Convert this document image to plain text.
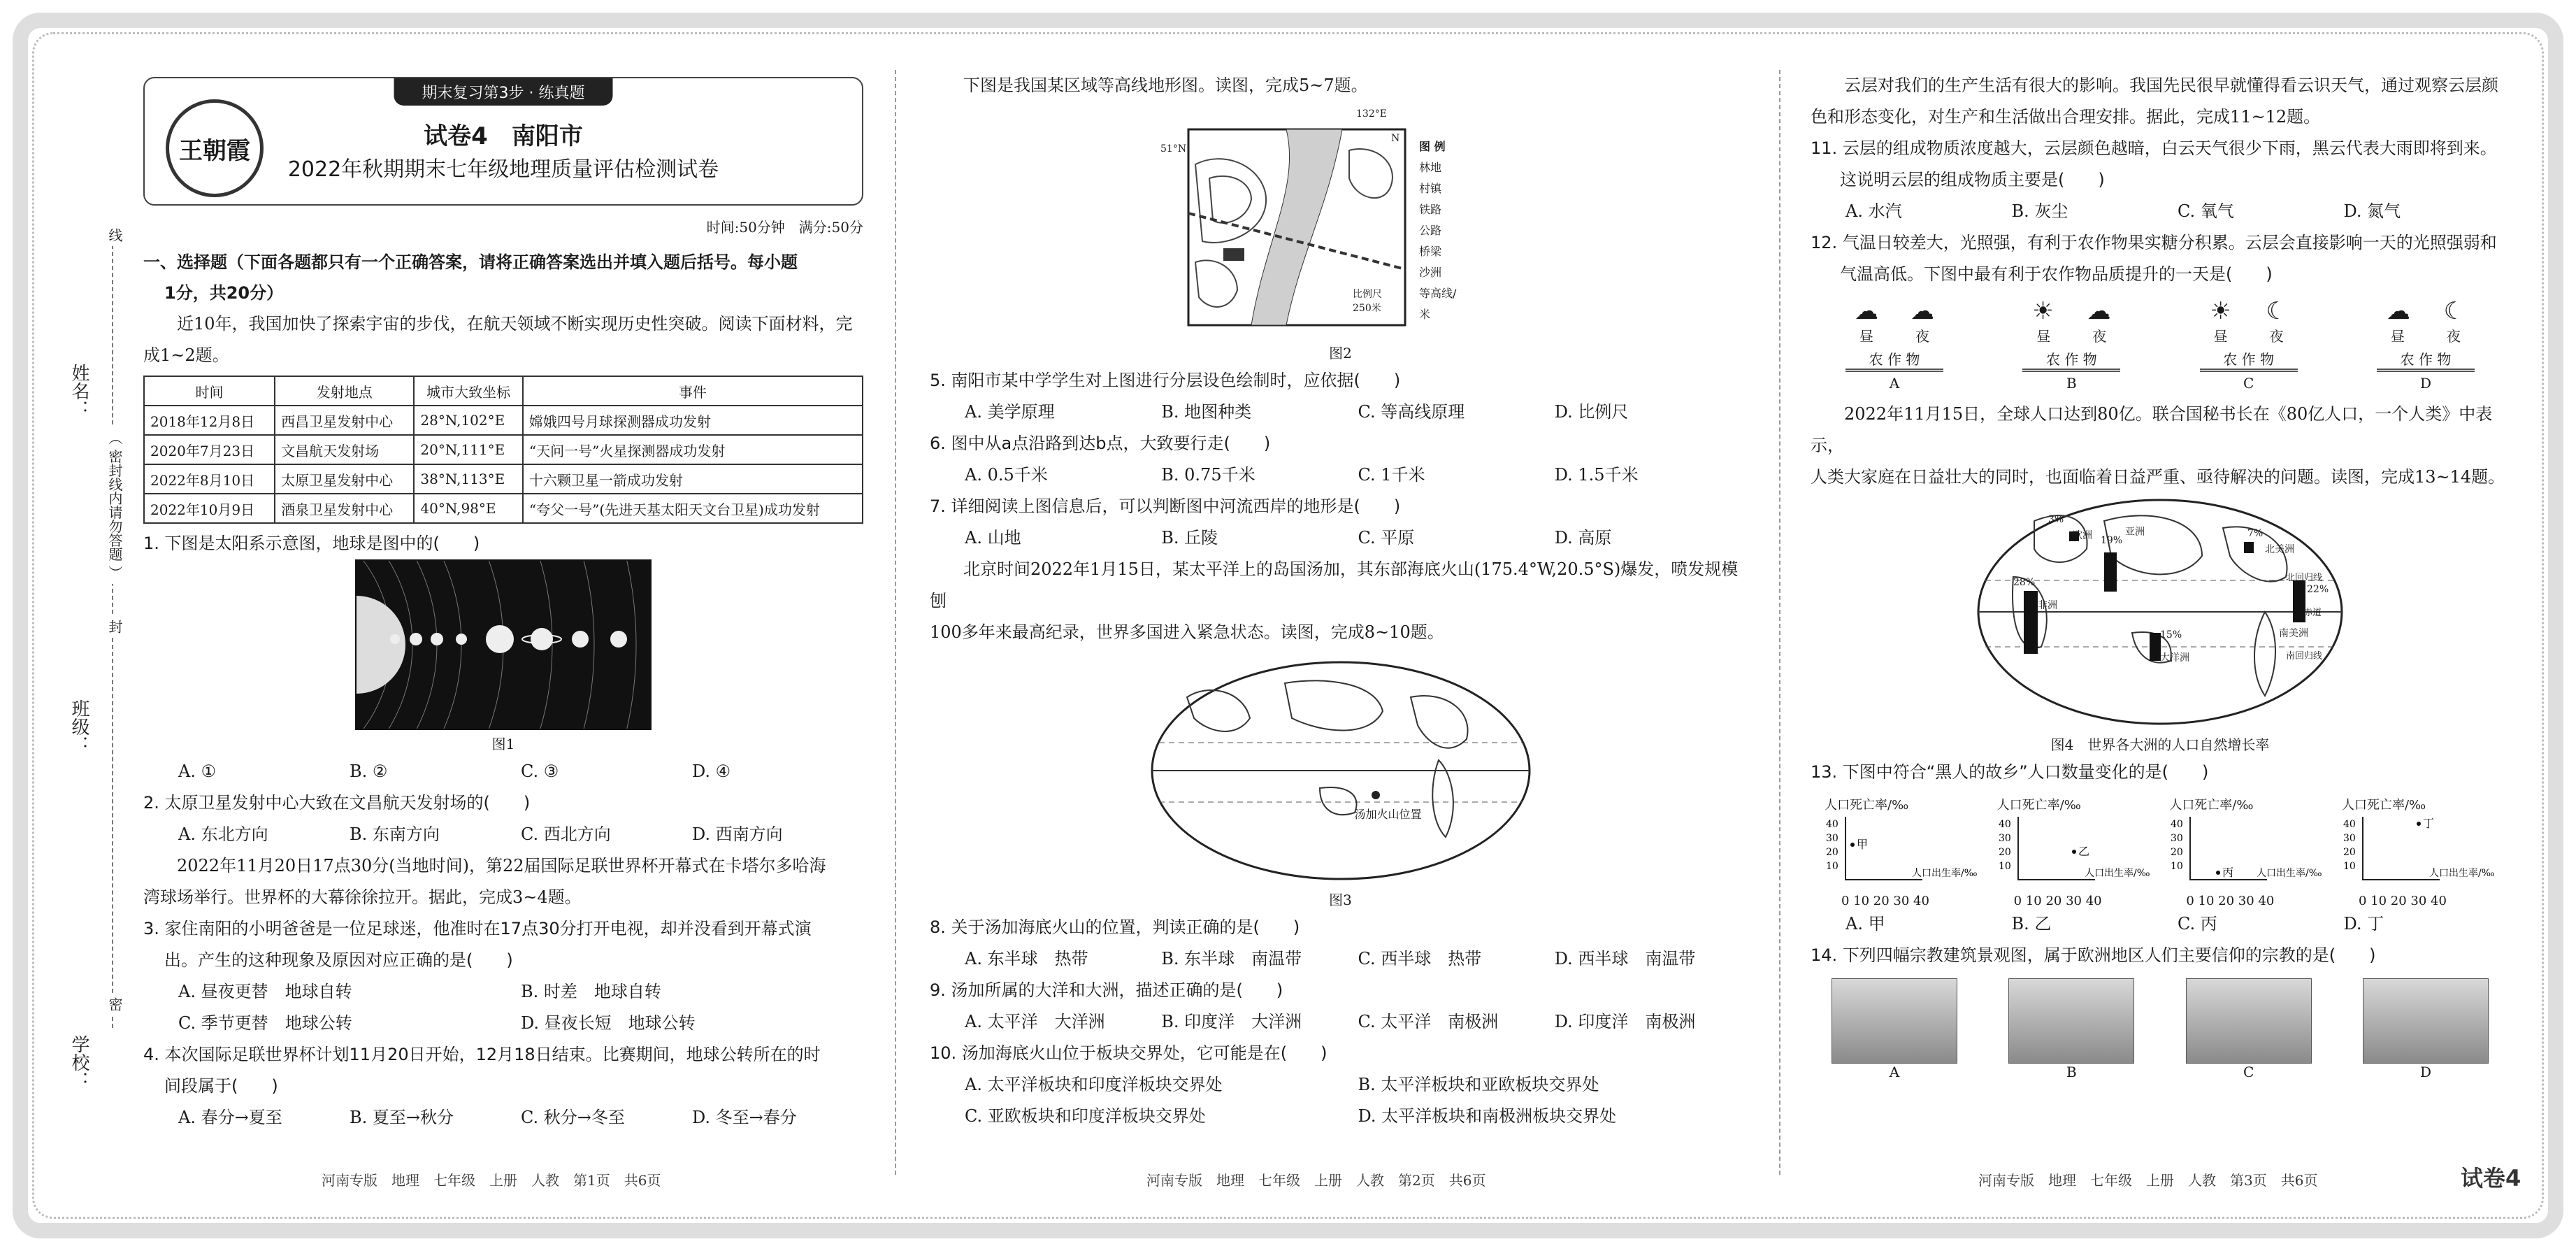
姓名：
班级：
学校：
线
（ 密封线内请勿答题 ）
封
密
期末复习第3步 · 练真题
王朝霞
试卷4　南阳市
2022年秋期期末七年级地理质量评估检测试卷
时间:50分钟　满分:50分

一、选择题（下面各题都只有一个正确答案，请将正确答案选出并填入题后括号。每小题

1分，共20分）

近10年，我国加快了探索宇宙的步伐，在航天领域不断实现历史性突破。阅读下面材料，完

成1~2题。

时间	发射地点	城市大致坐标	事件
2018年12月8日	西昌卫星发射中心	28°N,102°E	嫦娥四号月球探测器成功发射
2020年7月23日	文昌航天发射场	20°N,111°E	“天问一号”火星探测器成功发射
2022年8月10日	太原卫星发射中心	38°N,113°E	十六颗卫星一箭成功发射
2022年10月9日	酒泉卫星发射中心	40°N,98°E	“夸父一号”(先进天基太阳天文台卫星)成功发射

1. 下图是太阳系示意图，地球是图中的(　　)

图1

A. ①	B. ②	C. ③	D. ④

2. 太原卫星发射中心大致在文昌航天发射场的(　　)

A. 东北方向	B. 东南方向	C. 西北方向	D. 西南方向

2022年11月20日17点30分(当地时间)，第22届国际足联世界杯开幕式在卡塔尔多哈海

湾球场举行。世界杯的大幕徐徐拉开。据此，完成3~4题。

3. 家住南阳的小明爸爸是一位足球迷，他准时在17点30分打开电视，却并没看到开幕式演

出。产生的这种现象及原因对应正确的是(　　)

A. 昼夜更替　地球自转	B. 时差　地球自转
C. 季节更替　地球公转	D. 昼夜长短　地球公转

4. 本次国际足联世界杯计划11月20日开始，12月18日结束。比赛期间，地球公转所在的时

间段属于(　　)

A. 春分→夏至	B. 夏至→秋分	C. 秋分→冬至	D. 冬至→春分

下图是我国某区域等高线地形图。读图，完成5~7题。

图 例
林地
村镇
铁路
公路
桥梁
沙洲
等高线/米
132°E
51°N
比例尺
250米
N

图2

5. 南阳市某中学学生对上图进行分层设色绘制时，应依据(　　)

A. 美学原理	B. 地图种类	C. 等高线原理	D. 比例尺

6. 图中从a点沿路到达b点，大致要行走(　　)

A. 0.5千米	B. 0.75千米	C. 1千米	D. 1.5千米

7. 详细阅读上图信息后，可以判断图中河流西岸的地形是(　　)

A. 山地	B. 丘陵	C. 平原	D. 高原

北京时间2022年1月15日，某太平洋上的岛国汤加，其东部海底火山(175.4°W,20.5°S)爆发，喷发规模刨

100多年来最高纪录，世界多国进入紧急状态。读图，完成8~10题。

汤加火山位置

图3

8. 关于汤加海底火山的位置，判读正确的是(　　)

A. 东半球　热带	B. 东半球　南温带	C. 西半球　热带	D. 西半球　南温带

9. 汤加所属的大洋和大洲，描述正确的是(　　)

A. 太平洋　大洋洲	B. 印度洋　大洋洲	C. 太平洋　南极洲	D. 印度洋　南极洲

10. 汤加海底火山位于板块交界处，它可能是在(　　)

A. 太平洋板块和印度洋板块交界处	B. 太平洋板块和亚欧板块交界处
C. 亚欧板块和印度洋板块交界处	D. 太平洋板块和南极洲板块交界处

云层对我们的生产生活有很大的影响。我国先民很早就懂得看云识天气，通过观察云层颜

色和形态变化，对生产和生活做出合理安排。据此，完成11~12题。

11. 云层的组成物质浓度越大，云层颜色越暗，白云天气很少下雨，黑云代表大雨即将到来。

这说明云层的组成物质主要是(　　)

A. 水汽	B. 灰尘	C. 氧气	D. 氮气

12. 气温日较差大，光照强，有利于农作物果实糖分积累。云层会直接影响一天的光照强弱和

气温高低。下图中最有利于农作物品质提升的一天是(　　)

☁ ☁
昼	夜
农 作 物
A
☀ ☁
昼	夜
农 作 物
B
☀ ☾
昼	夜
农 作 物
C
☁ ☾
昼	夜
农 作 物
D

2022年11月15日，全球人口达到80亿。联合国秘书长在《80亿人口，一个人类》中表示，

人类大家庭在日益壮大的同时，也面临着日益严重、亟待解决的问题。读图，完成13~14题。

3%
欧洲 19%
亚洲	7%
北美洲
22%
南美洲
28%
非洲
15%
大洋洲
赤道
南回归线
北回归线

图4　世界各大洲的人口自然增长率

13. 下图中符合“黑人的故乡”人口数量变化的是(　　)

人口死亡率/‰
40
30
20
10
甲
人口出生率/‰
0 10 20 30 40
人口死亡率/‰
40
30
20
10
乙
人口出生率/‰
0 10 20 30 40
人口死亡率/‰
40
30
20
10	丙 人口出生率/‰
0 10 20 30 40
人口死亡率/‰
40
30
20
10
丁
人口出生率/‰
0 10 20 30 40
A. 甲	B. 乙	C. 丙	D. 丁

14. 下列四幅宗教建筑景观图，属于欧洲地区人们主要信仰的宗教的是(　　)

A	B	C	D
河南专版　地理　七年级　上册　人教　第1页　共6页	河南专版　地理　七年级　上册　人教　第2页　共6页	河南专版　地理　七年级　上册　人教　第3页　共6页	试卷4
